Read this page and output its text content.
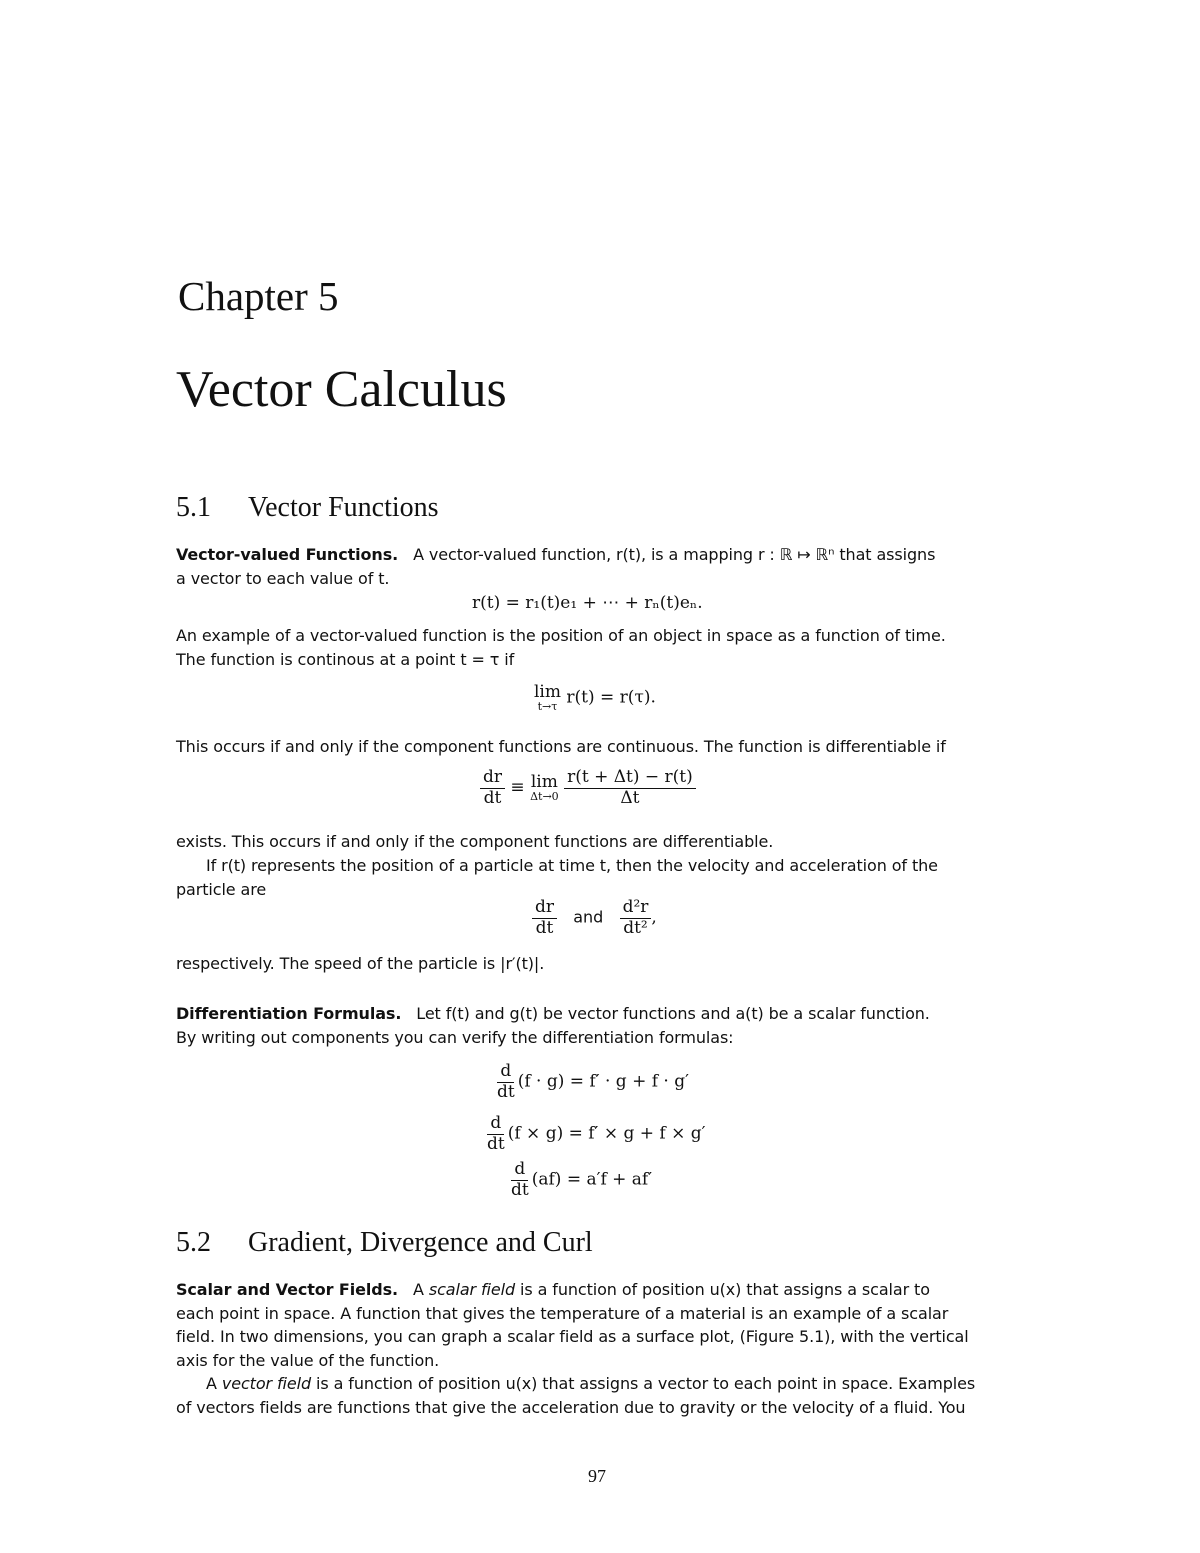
Chapter 5
Vector Calculus
5.1 Vector Functions
Vector-valued Functions. A vector-valued function, r(t), is a mapping r : ℝ ↦ ℝⁿ that assigns
a vector to each value of t.
r(t) = r₁(t)e₁ + ⋯ + rₙ(t)eₙ.
An example of a vector-valued function is the position of an object in space as a function of time.
The function is continous at a point t = τ if
lim
t→τ r(t) = r(τ).
This occurs if and only if the component functions are continuous. The function is differentiable if
$\frac{dr}{dt} \equiv \lim$
Δt→0
$\frac{r(t + \Delta t) - r(t)}{\Delta t}$
exists. This occurs if and only if the component functions are differentiable.
If r(t) represents the position of a particle at time t, then the velocity and acceleration of the
particle are
$\frac{dr}{dt}$ and $\frac{\text{d²r}}{\text{dt²}}$ ,
respectively. The speed of the particle is |r′(t)|.
Differentiation Formulas. Let f(t) and g(t) be vector functions and a(t) be a scalar function.
By writing out components you can verify the differentiation formulas:
$\frac{d}{dt} (f \cdot g) = f' \cdot g + f \cdot g'$
$\frac{d}{dt} (f \times g) = f' \times g + f \times g'$
$\frac{d}{dt} (af) = a'f + af'$
5.2 Gradient, Divergence and Curl
Scalar and Vector Fields. A scalar field is a function of position u(x) that assigns a scalar to
each point in space. A function that gives the temperature of a material is an example of a scalar
field. In two dimensions, you can graph a scalar field as a surface plot, (Figure 5.1), with the vertical
axis for the value of the function.
A vector field is a function of position u(x) that assigns a vector to each point in space. Examples
of vectors fields are functions that give the acceleration due to gravity or the velocity of a fluid. You
97
